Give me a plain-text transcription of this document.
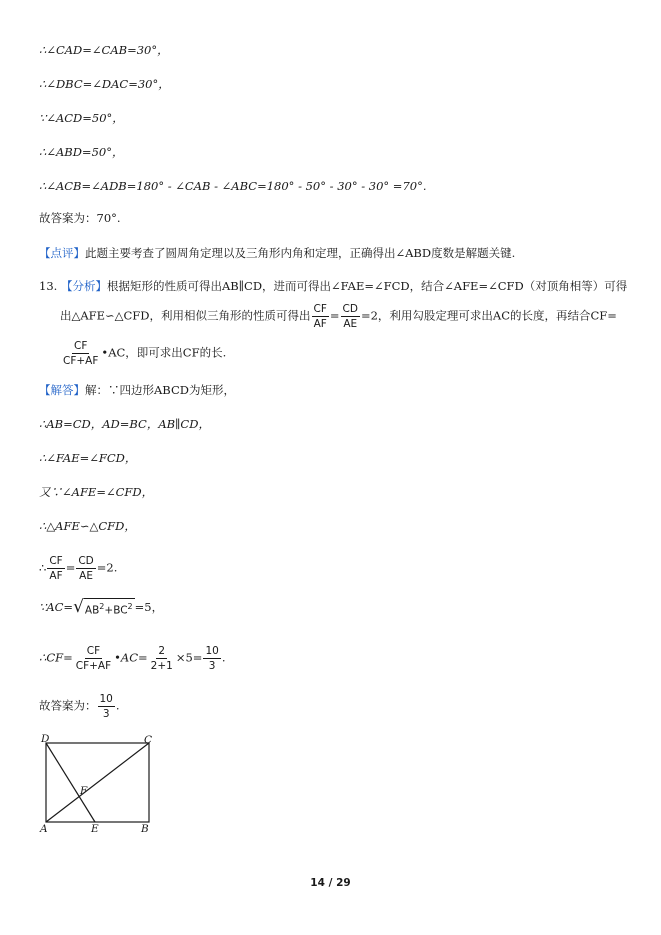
∴∠CAD=∠CAB=30°，
∴∠DBC=∠DAC=30°，
∵∠ACD=50°，
∴∠ABD=50°，
∴∠ACB=∠ADB=180° - ∠CAB - ∠ABC=180° - 50° - 30° - 30° =70°.
故答案为：70°.
【点评】此题主要考查了圆周角定理以及三角形内角和定理，正确得出∠ABD度数是解题关键.
13. 【分析】根据矩形的性质可得出AB∥CD，进而可得出∠FAE=∠FCD，结合∠AFE=∠CFD（对顶角相等）可得
出△AFE∽△CFD，利用相似三角形的性质可得出 $\frac{CF}{AF} = \frac{CD}{AE} =2$，利用勾股定理可求出AC的长度，再结合CF=
$\frac{CF}{CF+AF}$ •AC，即可求出CF的长.
【解答】解：∵四边形ABCD为矩形，
∴AB=CD，AD=BC，AB∥CD，
∴∠FAE=∠FCD，
又∵∠AFE=∠CFD，
∴△AFE∽△CFD，
∴ $\frac{CF}{AF} = \frac{CD}{AE} =2$.
∵AC= √ $AB^2+BC^2 =5$，
∴CF= $\frac{CF}{CF+AF}$ •AC= $\frac{2}{2+1} \times 5= \frac{10}{3}$ .
故答案为： $\frac{10}{3}$ .
D	C
A	E	B
F
14 / 29
